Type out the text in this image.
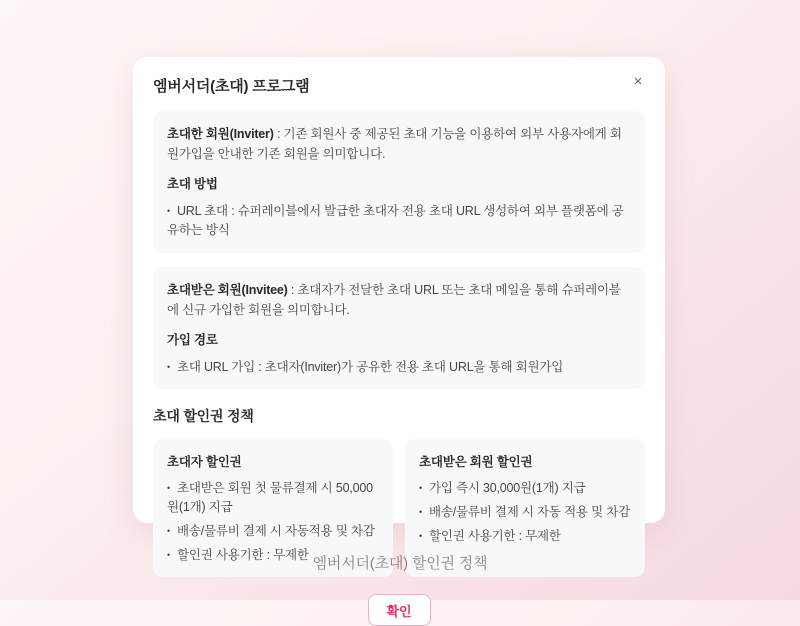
엠버서더(초대) 프로그램	×

초대한 회원(Inviter) : 기존 회원사 중 제공된 초대 기능을 이용하여 외부 사용자에게 회원가입을 안내한 기존 회원을 의미합니다.

초대 방법
• URL 초대 : 슈퍼레이블에서 발급한 초대자 전용 초대 URL 생성하여 외부 플랫폼에 공유하는 방식

초대받은 회원(Invitee) : 초대자가 전달한 초대 URL 또는 초대 메일을 통해 슈퍼레이블에 신규 가입한 회원을 의미합니다.

가입 경로
• 초대 URL 가입 : 초대자(Inviter)가 공유한 전용 초대 URL을 통해 회원가입
초대 할인권 정책
초대자 할인권
• 초대받은 회원 첫 물류결제 시 50,000원(1개) 지급
• 배송/물류비 결제 시 자동적용 및 차감
• 할인권 사용기한 : 무제한
초대받은 회원 할인권
• 가입 즉시 30,000원(1개) 지급
• 배송/물류비 결제 시 자동 적용 및 차감
• 할인권 사용기한 : 무제한
확인
엠버서더(초대) 할인권 정책
